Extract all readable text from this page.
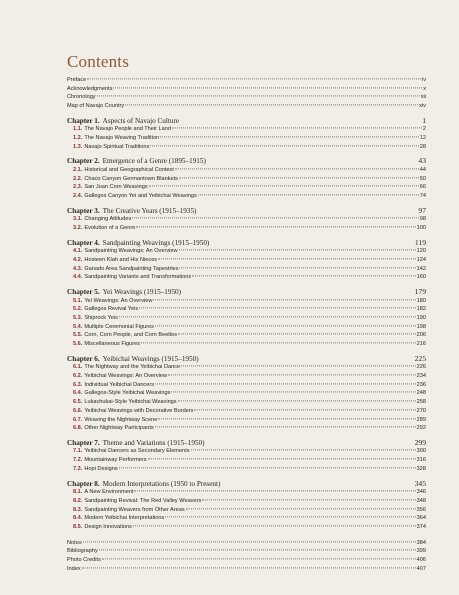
Contents
Preface	iv
Acknowledgments	x
Chronology	xii
Map of Navajo Country	xiv
Chapter 1. Aspects of Navajo Culture	1
1.1. The Navajo People and Their Land	2
1.2. The Navajo Weaving Tradition	12
1.3. Navajo Spiritual Traditions	28
Chapter 2. Emergence of a Genre (1895–1915)	43
2.1. Historical and Geographical Context	44
2.2. Chaco Canyon Germantown Blankets	50
2.3. San Juan Corn Weavings	66
2.4. Gallegos Canyon Yei and Yeibichai Weavings	74
Chapter 3. The Creative Years (1915–1935)	97
3.1. Changing Attitudes	98
3.2. Evolution of a Genre	100
Chapter 4. Sandpainting Weavings (1915–1950)	119
4.1. Sandpainting Weavings: An Overview	120
4.2. Hosteen Klah and His Nieces	124
4.3. Ganado Area Sandpainting Tapestries	142
4.4. Sandpainting Variants and Transformations	160
Chapter 5. Yei Weavings (1915–1950)	179
5.1. Yei Weavings: An Overview	180
5.2. Gallegos Revival Yeis	182
5.3. Shiprock Yeis	190
5.4. Multiple Ceremonial Figures	198
5.5. Corn, Corn People, and Corn Beetles	206
5.6. Miscellaneous Figures	216
Chapter 6. Yeibichai Weavings (1915–1950)	225
6.1. The Nightway and the Yeibichai Dance	226
6.2. Yeibichai Weavings: An Overview	234
6.3. Individual Yeibichai Dancers	236
6.4. Gallegos-Style Yeibichai Weavings	248
6.5. Lukachukai-Style Yeibichai Weavings	258
6.6. Yeibichai Weavings with Decorative Borders	270
6.7. Weaving the Nightway Scene	289
6.8. Other Nightway Participants	292
Chapter 7. Theme and Variations (1915–1950)	299
7.1. Yeibichai Dancers as Secondary Elements	300
7.2. Mountainway Performers	316
7.3. Hopi Designs	328
Chapter 8. Modern Interpretations (1950 to Present)	345
8.1. A New Environment	346
8.2. Sandpainting Revival: The Red Valley Weavers	348
8.3. Sandpainting Weavers from Other Areas	356
8.4. Modern Yeibichai Interpretations	364
8.5. Design Innovations	374
Notes	384
Bibliography	399
Photo Credits	406
Index	407
